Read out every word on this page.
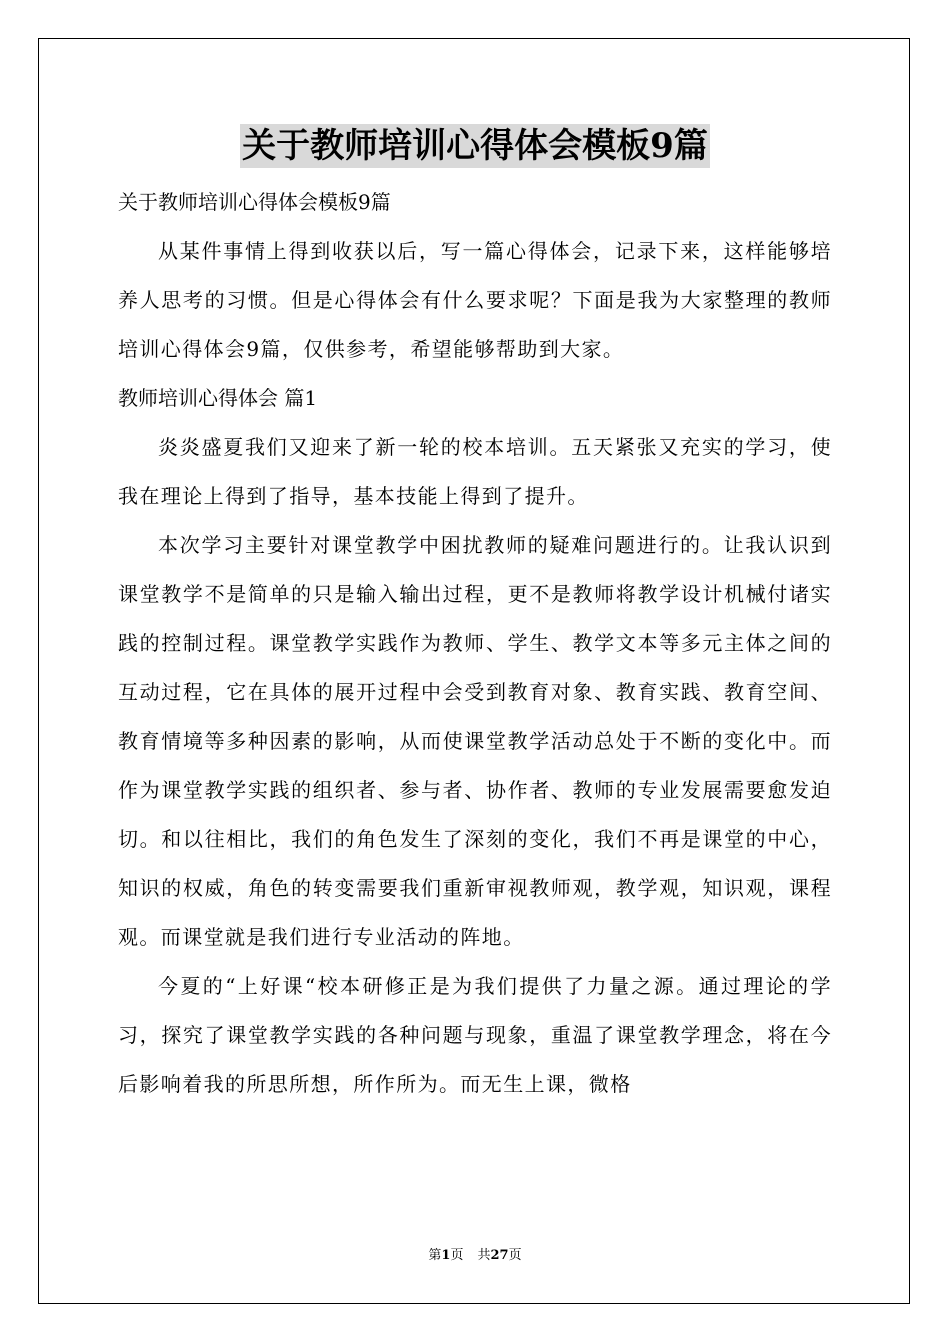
关于教师培训心得体会模板9篇
关于教师培训心得体会模板9篇

从某件事情上得到收获以后，写一篇心得体会，记录下来，这样能够培养人思考的习惯。但是心得体会有什么要求呢？下面是我为大家整理的教师培训心得体会9篇，仅供参考，希望能够帮助到大家。

教师培训心得体会 篇1

炎炎盛夏我们又迎来了新一轮的校本培训。五天紧张又充实的学习，使我在理论上得到了指导，基本技能上得到了提升。

本次学习主要针对课堂教学中困扰教师的疑难问题进行的。让我认识到课堂教学不是简单的只是输入输出过程，更不是教师将教学设计机械付诸实践的控制过程。课堂教学实践作为教师、学生、教学文本等多元主体之间的互动过程，它在具体的展开过程中会受到教育对象、教育实践、教育空间、教育情境等多种因素的影响，从而使课堂教学活动总处于不断的变化中。而作为课堂教学实践的组织者、参与者、协作者、教师的专业发展需要愈发迫切。和以往相比，我们的角色发生了深刻的变化，我们不再是课堂的中心，知识的权威，角色的转变需要我们重新审视教师观，教学观，知识观，课程观。而课堂就是我们进行专业活动的阵地。

今夏的“上好课“校本研修正是为我们提供了力量之源。通过理论的学习，探究了课堂教学实践的各种问题与现象，重温了课堂教学理念，将在今后影响着我的所思所想，所作所为。而无生上课，微格

第1页 共27页
